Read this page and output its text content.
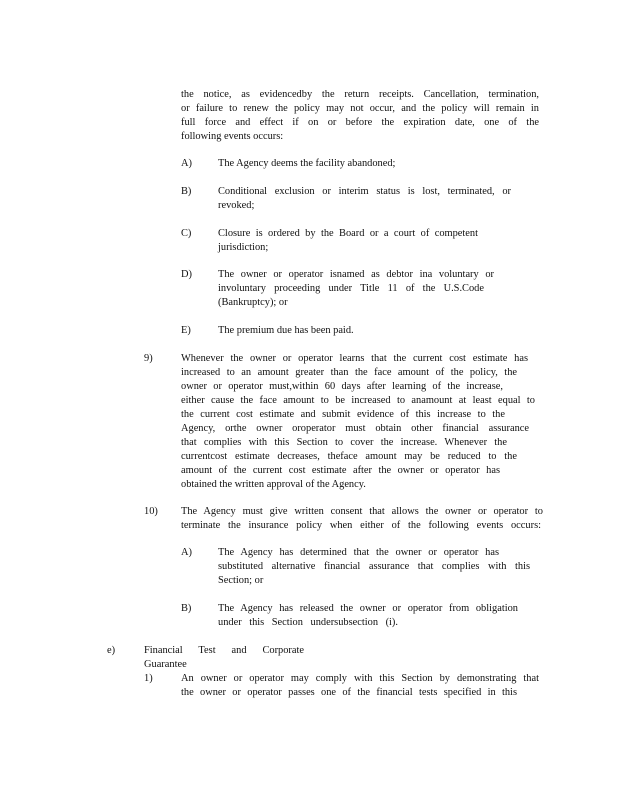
the notice, as evidencedby the return receipts. Cancellation, termination,
or failure to renew the policy may not occur, and the policy will remain in
full force and effect if on or before the expiration date, one of the
following events occurs:
A)	The Agency deems the facility abandoned;
B)	Conditional exclusion or interim status is lost, terminated, or
revoked;
C)	Closure is ordered by the Board or a court of competent
jurisdiction;
D)	The owner or operator isnamed as debtor ina voluntary or
involuntary proceeding under Title 11 of the U.S.Code
(Bankruptcy); or
E)	The premium due has been paid.
9)	Whenever the owner or operator learns that the current cost estimate has
increased to an amount greater than the face amount of the policy, the
owner or operator must,within 60 days after learning of the increase,
either cause the face amount to be increased to anamount at least equal to
the current cost estimate and submit evidence of this increase to the
Agency, orthe owner oroperator must obtain other financial assurance
that complies with this Section to cover the increase. Whenever the
currentcost estimate decreases, theface amount may be reduced to the
amount of the current cost estimate after the owner or operator has
obtained the written approval of the Agency.
10) The Agency must give written consent that allows the owner or operator to
terminate the insurance policy when either of the following events occurs:
A)	The Agency has determined that the owner or operator has
substituted alternative financial assurance that complies with this
Section; or
B)	The Agency has released the owner or operator from obligation
under this Section undersubsection (i).
e)	Financial Test and Corporate Guarantee
1)	An owner or operator may comply with this Section by demonstrating that
the owner or operator passes one of the financial tests specified in this
